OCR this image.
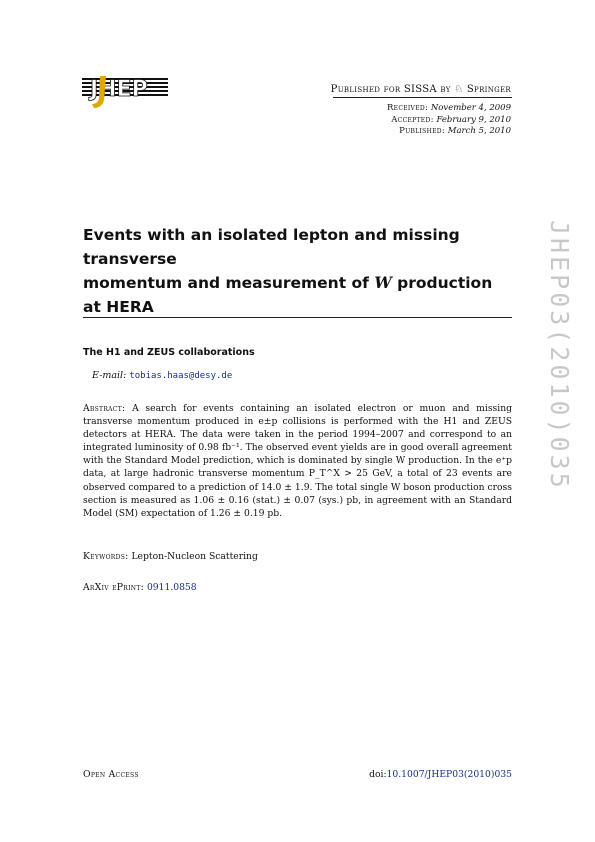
JHEP	Published for SISSA by ♘ Springer
Received: November 4, 2009
Accepted: February 9, 2010
Published: March 5, 2010
Events with an isolated lepton and missing transverse
momentum and measurement of W production
at HERA
The H1 and ZEUS collaborations
E-mail: tobias.haas@desy.de
Abstract: A search for events containing an isolated electron or muon and missing transverse momentum produced in e±p collisions is performed with the H1 and ZEUS detectors at HERA. The data were taken in the period 1994–2007 and correspond to an integrated luminosity of 0.98 fb⁻¹. The observed event yields are in good overall agreement with the Standard Model prediction, which is dominated by single W production. In the e⁺p data, at large hadronic transverse momentum P_T^X > 25 GeV, a total of 23 events are observed compared to a prediction of 14.0 ± 1.9. The total single W boson production cross section is measured as 1.06 ± 0.16 (stat.) ± 0.07 (sys.) pb, in agreement with an Standard Model (SM) expectation of 1.26 ± 0.19 pb.
Keywords: Lepton-Nucleon Scattering
ArXiv ePrint: 0911.0858
Open Access	doi:10.1007/JHEP03(2010)035
JHEP03(2010)035
